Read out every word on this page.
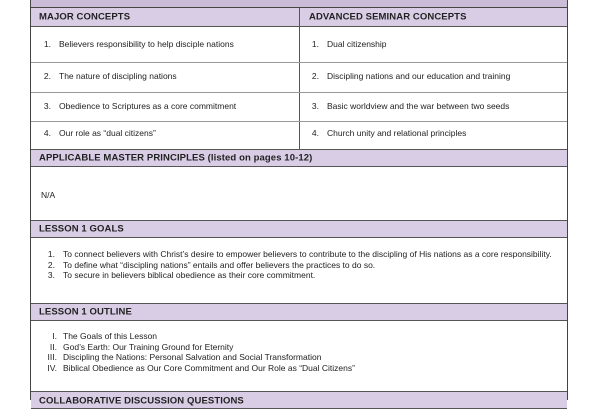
MAJOR CONCEPTS	ADVANCED SEMINAR CONCEPTS
1. Believers responsibility to help disciple nations
2. The nature of discipling nations
3. Obedience to Scriptures as a core commitment
4. Our role as “dual citizens”
1. Dual citizenship
2. Discipling nations and our education and training
3. Basic worldview and the war between two seeds
4. Church unity and relational principles
APPLICABLE MASTER PRINCIPLES (listed on pages 10-12)
N/A
LESSON 1 GOALS
1. To connect believers with Christ’s desire to empower believers to contribute to the discipling of His nations as a core responsibility.
2. To define what “discipling nations” entails and offer believers the practices to do so.
3. To secure in believers biblical obedience as their core commitment.
LESSON 1 OUTLINE
I. The Goals of this Lesson
II. God’s Earth: Our Training Ground for Eternity
III. Discipling the Nations: Personal Salvation and Social Transformation
IV. Biblical Obedience as Our Core Commitment and Our Role as “Dual Citizens”
COLLABORATIVE DISCUSSION QUESTIONS
